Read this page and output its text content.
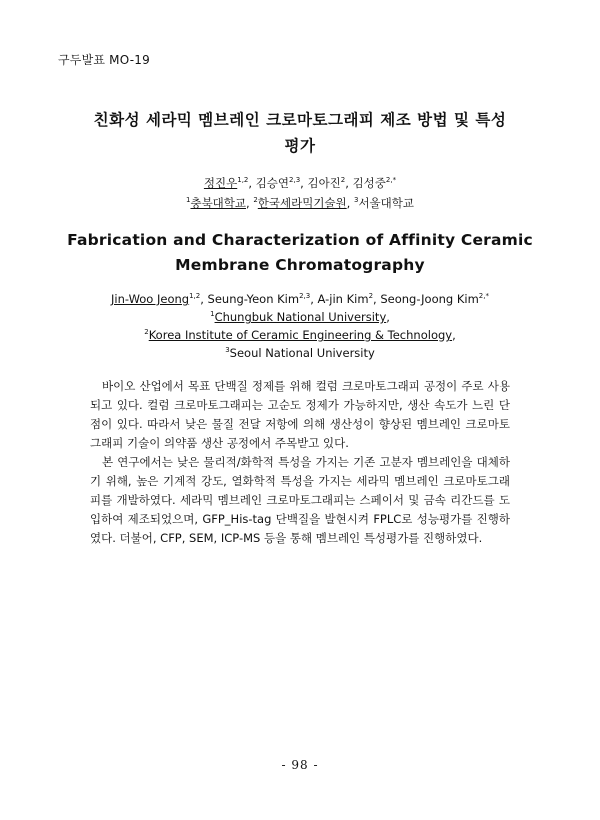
구두발표 MO-19
친화성 세라믹 멤브레인 크로마토그래피 제조 방법 및 특성
평가
정진우$^{1,2}$, 김승연$^{2,3}$, 김아진$^2$, 김성중$^{2,*}$
$^1$충북대학교, $^2$한국세라믹기술원, $^3$서울대학교
Fabrication and Characterization of Affinity Ceramic
Membrane Chromatography
Jin-Woo Jeong$^{1,2}$, Seung-Yeon Kim$^{2,3}$, A-jin Kim$^2$, Seong-Joong Kim$^{2,*}$
$^1$Chungbuk National University,
$^2$Korea Institute of Ceramic Engineering & Technology,
$^3$Seoul National University

바이오 산업에서 목표 단백질 정제를 위해 컬럼 크로마토그래피 공정이 주로 사용되고 있다. 컬럼 크로마토그래피는 고순도 정제가 가능하지만, 생산 속도가 느린 단점이 있다. 따라서 낮은 물질 전달 저항에 의해 생산성이 향상된 멤브레인 크로마토그래피 기술이 의약품 생산 공정에서 주목받고 있다.

본 연구에서는 낮은 물리적/화학적 특성을 가지는 기존 고분자 멤브레인을 대체하기 위해, 높은 기계적 강도, 열화학적 특성을 가지는 세라믹 멤브레인 크로마토그래피를 개발하였다. 세라믹 멤브레인 크로마토그래피는 스페이서 및 금속 리간드를 도입하여 제조되었으며, GFP_His-tag 단백질을 발현시켜 FPLC로 성능평가를 진행하였다. 더불어, CFP, SEM, ICP-MS 등을 통해 멤브레인 특성평가를 진행하였다.

- 98 -
